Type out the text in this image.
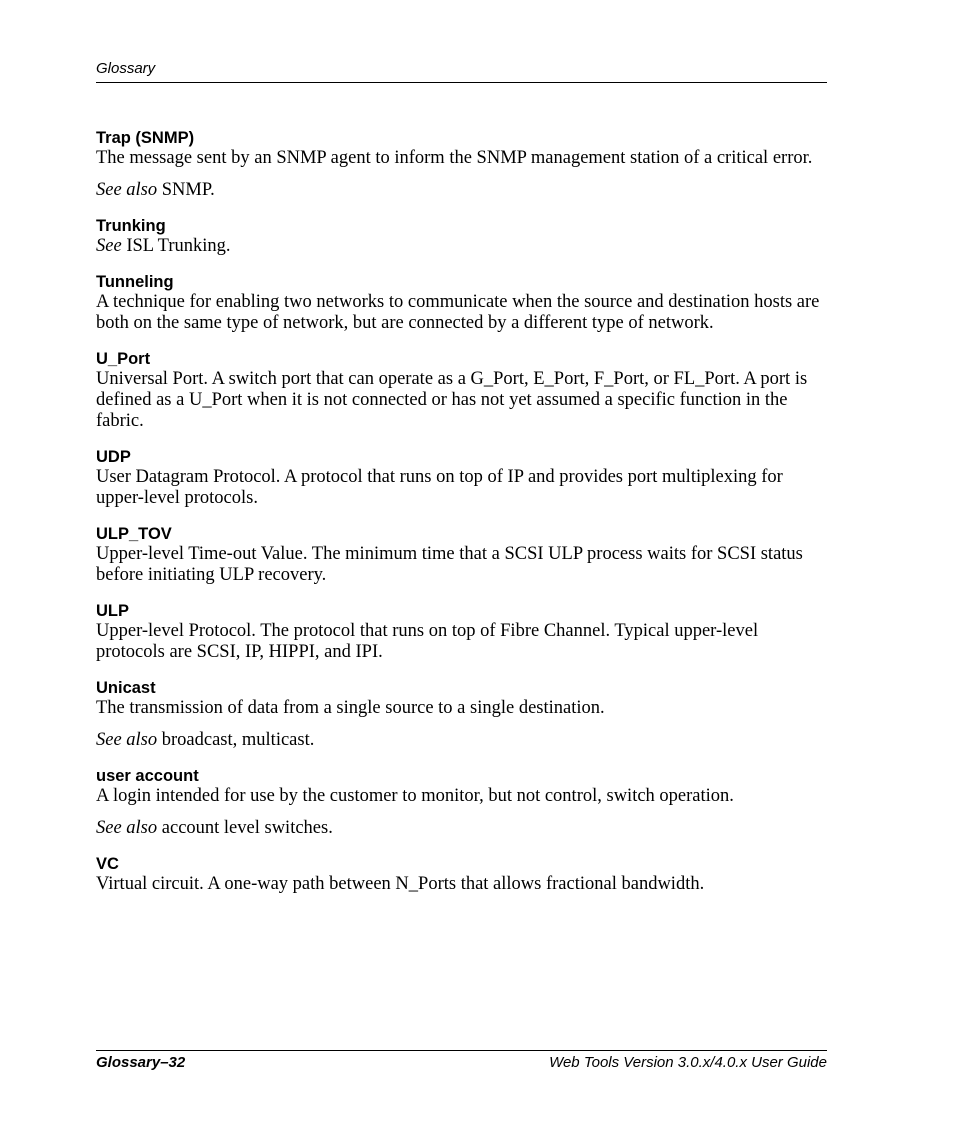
Glossary

Trap (SNMP)

The message sent by an SNMP agent to inform the SNMP management station of a critical error.

See also SNMP.

Trunking

See ISL Trunking.

Tunneling

A technique for enabling two networks to communicate when the source and destination hosts are both on the same type of network, but are connected by a different type of network.

U_Port

Universal Port. A switch port that can operate as a G_Port, E_Port, F_Port, or FL_Port. A port is defined as a U_Port when it is not connected or has not yet assumed a specific function in the fabric.

UDP

User Datagram Protocol. A protocol that runs on top of IP and provides port multiplexing for upper-level protocols.

ULP_TOV

Upper-level Time-out Value. The minimum time that a SCSI ULP process waits for SCSI status before initiating ULP recovery.

ULP

Upper-level Protocol. The protocol that runs on top of Fibre Channel. Typical upper-level protocols are SCSI, IP, HIPPI, and IPI.

Unicast

The transmission of data from a single source to a single destination.

See also broadcast, multicast.

user account

A login intended for use by the customer to monitor, but not control, switch operation.

See also account level switches.

VC

Virtual circuit. A one-way path between N_Ports that allows fractional bandwidth.

Glossary–32	Web Tools Version 3.0.x/4.0.x User Guide
